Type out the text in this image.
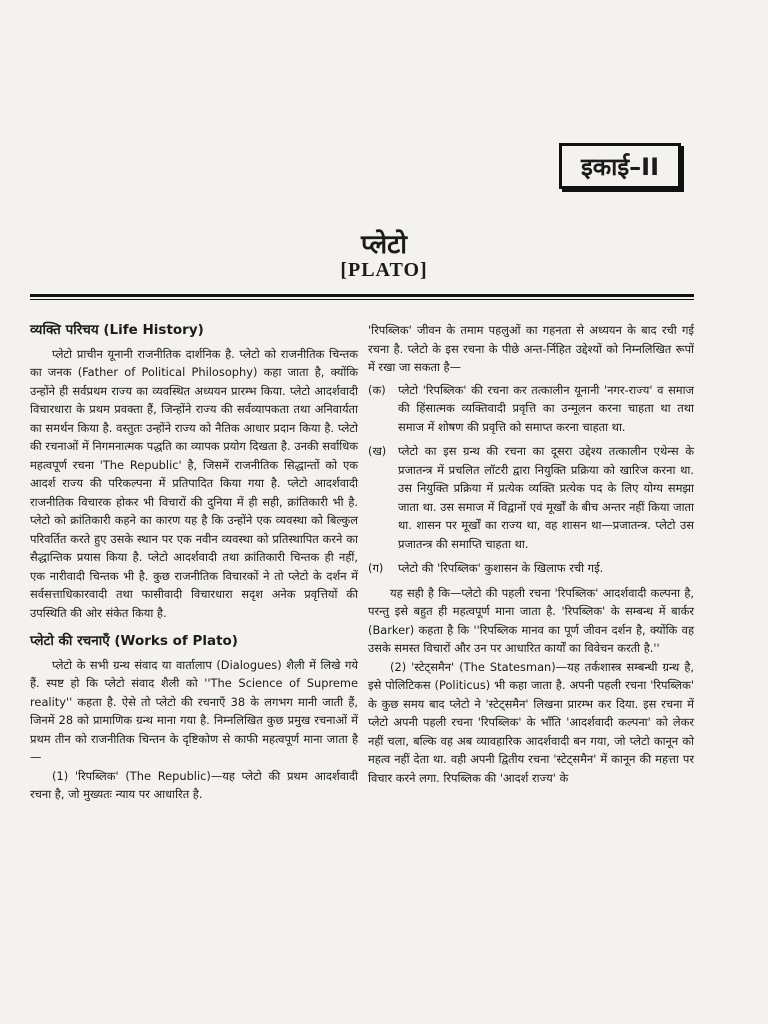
इकाई–II
प्लेटो
[PLATO]
व्यक्ति परिचय (Life History)

प्लेटो प्राचीन यूनानी राजनीतिक दार्शनिक है. प्लेटो को राजनीतिक चिन्तक का जनक (Father of Political Philosophy) कहा जाता है, क्योंकि उन्होंने ही सर्वप्रथम राज्य का व्यवस्थित अध्ययन प्रारम्भ किया. प्लेटो आदर्शवादी विचारधारा के प्रथम प्रवक्ता हैं, जिन्होंने राज्य की सर्वव्यापकता तथा अनिवार्यता का समर्थन किया है. वस्तुतः उन्होंने राज्य को नैतिक आधार प्रदान किया है. प्लेटो की रचनाओं में निगमनात्मक पद्धति का व्यापक प्रयोग दिखता है. उनकी सर्वाधिक महत्वपूर्ण रचना 'The Republic' है, जिसमें राजनीतिक सिद्धान्तों को एक आदर्श राज्य की परिकल्पना में प्रतिपादित किया गया है. प्लेटो आदर्शवादी राजनीतिक विचारक होकर भी विचारों की दुनिया में ही सही, क्रांतिकारी भी है. प्लेटो को क्रांतिकारी कहने का कारण यह है कि उन्होंने एक व्यवस्था को बिल्कुल परिवर्तित करते हुए उसके स्थान पर एक नवीन व्यवस्था को प्रतिस्थापित करने का सैद्धान्तिक प्रयास किया है. प्लेटो आदर्शवादी तथा क्रांतिकारी चिन्तक ही नहीं, एक नारीवादी चिन्तक भी है. कुछ राजनीतिक विचारकों ने तो प्लेटो के दर्शन में सर्वसत्ताधिकारवादी तथा फासीवादी विचारधारा सदृश अनेक प्रवृत्तियों की उपस्थिति की ओर संकेत किया है.

प्लेटो की रचनाएँ (Works of Plato)

प्लेटो के सभी ग्रन्थ संवाद या वार्तालाप (Dialogues) शैली में लिखे गये हैं. स्पष्ट हो कि प्लेटो संवाद शैली को ''The Science of Supreme reality'' कहता है. ऐसे तो प्लेटो की रचनाएँ 38 के लगभग मानी जाती हैं, जिनमें 28 को प्रामाणिक ग्रन्थ माना गया है. निम्नलिखित कुछ प्रमुख रचनाओं में प्रथम तीन को राजनीतिक चिन्तन के दृष्टिकोण से काफी महत्वपूर्ण माना जाता है—

(1) 'रिपब्लिक' (The Republic)—यह प्लेटो की प्रथम आदर्शवादी रचना है, जो मुख्यतः न्याय पर आधारित है.

'रिपब्लिक' जीवन के तमाम पहलुओं का गहनता से अध्ययन के बाद रची गई रचना है. प्लेटो के इस रचना के पीछे अन्त-र्निहित उद्देश्यों को निम्नलिखित रूपों में रखा जा सकता है—

(क)	प्लेटो 'रिपब्लिक' की रचना कर तत्कालीन यूनानी 'नगर-राज्य' व समाज की हिंसात्मक व्यक्तिवादी प्रवृत्ति का उन्मूलन करना चाहता था तथा समाज में शोषण की प्रवृत्ति को समाप्त करना चाहता था.
(ख)	प्लेटो का इस ग्रन्थ की रचना का दूसरा उद्देश्य तत्कालीन एथेन्स के प्रजातन्त्र में प्रचलित लॉटरी द्वारा नियुक्ति प्रक्रिया को खारिज करना था. उस नियुक्ति प्रक्रिया में प्रत्येक व्यक्ति प्रत्येक पद के लिए योग्य समझा जाता था. उस समाज में विद्वानों एवं मूर्खों के बीच अन्तर नहीं किया जाता था. शासन पर मूर्खों का राज्य था, वह शासन था—प्रजातन्त्र. प्लेटो उस प्रजातन्त्र की समाप्ति चाहता था.
(ग)	प्लेटो की 'रिपब्लिक' कुशासन के खिलाफ रची गई.

यह सही है कि—प्लेटो की पहली रचना 'रिपब्लिक' आदर्शवादी कल्पना है, परन्तु इसे बहुत ही महत्वपूर्ण माना जाता है. 'रिपब्लिक' के सम्बन्ध में बार्कर (Barker) कहता है कि ''रिपब्लिक मानव का पूर्ण जीवन दर्शन है, क्योंकि वह उसके समस्त विचारों और उन पर आधारित कार्यों का विवेचन करती है.''

(2) 'स्टेट्समैन' (The Statesman)—यह तर्कशास्त्र सम्बन्धी ग्रन्थ है, इसे पोलिटिकस (Politicus) भी कहा जाता है. अपनी पहली रचना 'रिपब्लिक' के कुछ समय बाद प्लेटो ने 'स्टेट्समैन' लिखना प्रारम्भ कर दिया. इस रचना में प्लेटो अपनी पहली रचना 'रिपब्लिक' के भाँति 'आदर्शवादी कल्पना' को लेकर नहीं चला, बल्कि वह अब व्यावहारिक आदर्शवादी बन गया, जो प्लेटो कानून को महत्व नहीं देता था. वही अपनी द्वितीय रचना 'स्टेट्समैन' में कानून की महत्ता पर विचार करने लगा. रिपब्लिक की 'आदर्श राज्य' के
